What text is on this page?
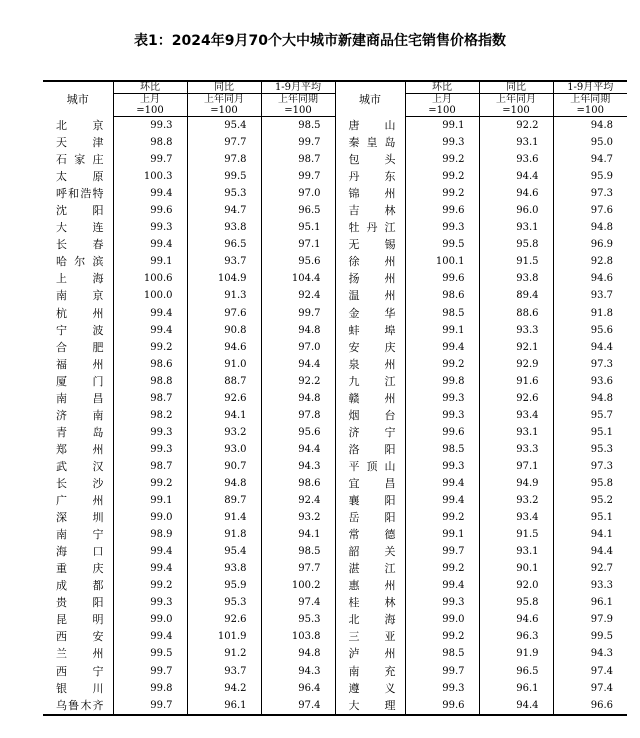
表1：2024年9月70个大中城市新建商品住宅销售价格指数
城市	环比	同比	1-9月平均	城市	环比	同比	1-9月平均
	上月	上年同月	上年同期		上月	上年同月	上年同期
	=100	=100	=100		=100	=100	=100
北京	99.3	95.4	98.5	唐山	99.1	92.2	94.8
天津	98.8	97.7	99.7	秦皇岛	99.3	93.1	95.0
石家庄	99.7	97.8	98.7	包头	99.2	93.6	94.7
太原	100.3	99.5	99.7	丹东	99.2	94.4	95.9
呼和浩特	99.4	95.3	97.0	锦州	99.2	94.6	97.3
沈阳	99.6	94.7	96.5	吉林	99.6	96.0	97.6
大连	99.3	93.8	95.1	牡丹江	99.3	93.1	94.8
长春	99.4	96.5	97.1	无锡	99.5	95.8	96.9
哈尔滨	99.1	93.7	95.6	徐州	100.1	91.5	92.8
上海	100.6	104.9	104.4	扬州	99.6	93.8	94.6
南京	100.0	91.3	92.4	温州	98.6	89.4	93.7
杭州	99.4	97.6	99.7	金华	98.5	88.6	91.8
宁波	99.4	90.8	94.8	蚌埠	99.1	93.3	95.6
合肥	99.2	94.6	97.0	安庆	99.4	92.1	94.4
福州	98.6	91.0	94.4	泉州	99.2	92.9	97.3
厦门	98.8	88.7	92.2	九江	99.8	91.6	93.6
南昌	98.7	92.6	94.8	赣州	99.3	92.6	94.8
济南	98.2	94.1	97.8	烟台	99.3	93.4	95.7
青岛	99.3	93.2	95.6	济宁	99.6	93.1	95.1
郑州	99.3	93.0	94.4	洛阳	98.5	93.3	95.3
武汉	98.7	90.7	94.3	平顶山	99.3	97.1	97.3
长沙	99.2	94.8	98.6	宜昌	99.4	94.9	95.8
广州	99.1	89.7	92.4	襄阳	99.4	93.2	95.2
深圳	99.0	91.4	93.2	岳阳	99.2	93.4	95.1
南宁	98.9	91.8	94.1	常德	99.1	91.5	94.1
海口	99.4	95.4	98.5	韶关	99.7	93.1	94.4
重庆	99.4	93.8	97.7	湛江	99.2	90.1	92.7
成都	99.2	95.9	100.2	惠州	99.4	92.0	93.3
贵阳	99.3	95.3	97.4	桂林	99.3	95.8	96.1
昆明	99.0	92.6	95.3	北海	99.0	94.6	97.9
西安	99.4	101.9	103.8	三亚	99.2	96.3	99.5
兰州	99.5	91.2	94.8	泸州	98.5	91.9	94.3
西宁	99.7	93.7	94.3	南充	99.7	96.5	97.4
银川	99.8	94.2	96.4	遵义	99.3	96.1	97.4
乌鲁木齐	99.7	96.1	97.4	大理	99.6	94.4	96.6
